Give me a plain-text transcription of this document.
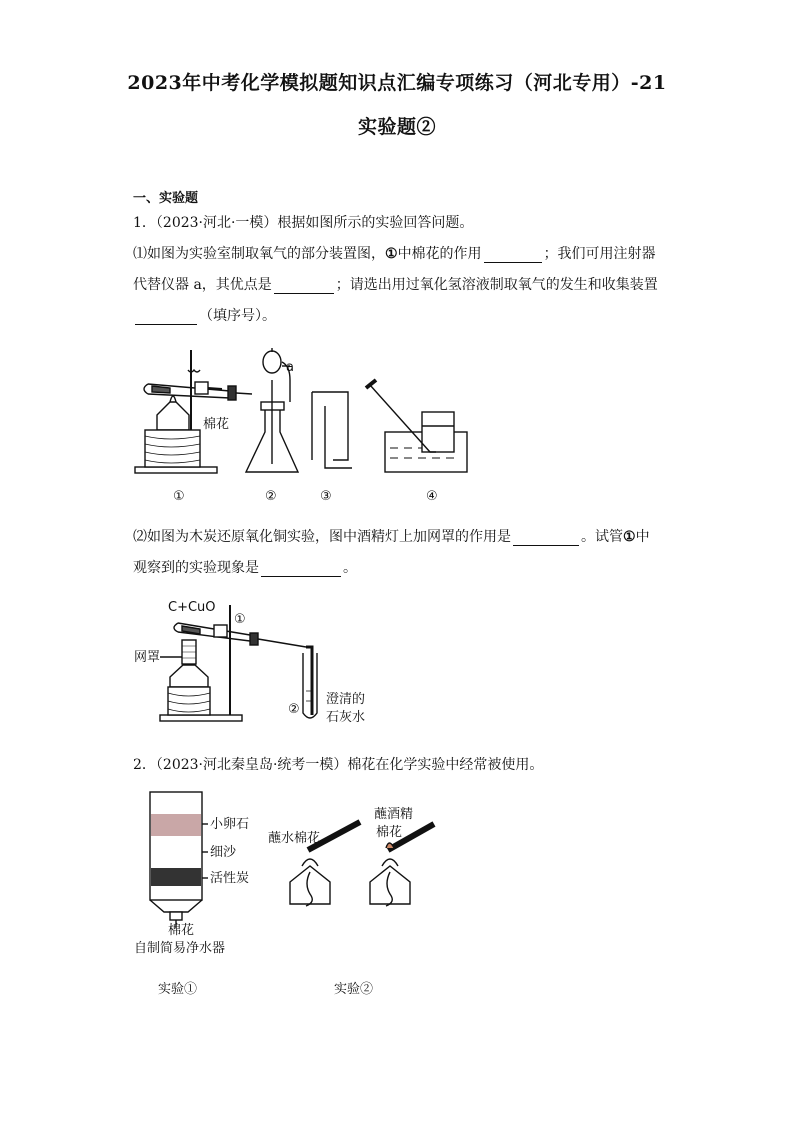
2023年中考化学模拟题知识点汇编专项练习（河北专用）-21
实验题②
一、实验题
1．（2023·河北·一模）根据如图所示的实验回答问题。
⑴如图为实验室制取氧气的部分装置图，①中棉花的作用	；我们可用注射器
代替仪器 a，其优点是	；请选出用过氧化氢溶液制取氧气的发生和收集装置
（填序号）。
棉花
a
①	②	③	④
⑵如图为木炭还原氧化铜实验，图中酒精灯上加网罩的作用是	。试管①中
观察到的实验现象是	。
C+CuO
①
网罩
②
澄清的
石灰水
2．（2023·河北秦皇岛·统考一模）棉花在化学实验中经常被使用。
小卵石
细沙
活性炭
棉花
自制简易净水器
蘸水棉花
蘸酒精
棉花
实验①	实验②
